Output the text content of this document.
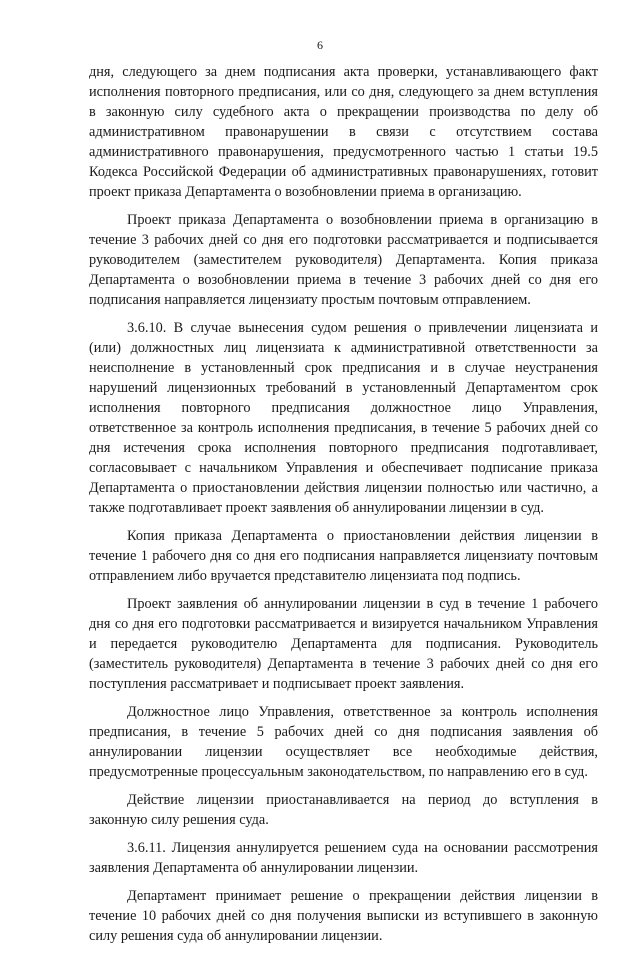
6

дня, следующего за днем подписания акта проверки, устанавливающего факт исполнения повторного предписания, или со дня, следующего за днем вступления в законную силу судебного акта о прекращении производства по делу об административном правонарушении в связи с отсутствием состава административного правонарушения, предусмотренного частью 1 статьи 19.5 Кодекса Российской Федерации об административных правонарушениях, готовит проект приказа Департамента о возобновлении приема в организацию.

Проект приказа Департамента о возобновлении приема в организацию в течение 3 рабочих дней со дня его подготовки рассматривается и подписывается руководителем (заместителем руководителя) Департамента. Копия приказа Департамента о возобновлении приема в течение 3 рабочих дней со дня его подписания направляется лицензиату простым почтовым отправлением.

3.6.10. В случае вынесения судом решения о привлечении лицензиата и (или) должностных лиц лицензиата к административной ответственности за неисполнение в установленный срок предписания и в случае неустранения нарушений лицензионных требований в установленный Департаментом срок исполнения повторного предписания должностное лицо Управления, ответственное за контроль исполнения предписания, в течение 5 рабочих дней со дня истечения срока исполнения повторного предписания подготавливает, согласовывает с начальником Управления и обеспечивает подписание приказа Департамента о приостановлении действия лицензии полностью или частично, а также подготавливает проект заявления об аннулировании лицензии в суд.

Копия приказа Департамента о приостановлении действия лицензии в течение 1 рабочего дня со дня его подписания направляется лицензиату почтовым отправлением либо вручается представителю лицензиата под подпись.

Проект заявления об аннулировании лицензии в суд в течение 1 рабочего дня со дня его подготовки рассматривается и визируется начальником Управления и передается руководителю Департамента для подписания. Руководитель (заместитель руководителя) Департамента в течение 3 рабочих дней со дня его поступления рассматривает и подписывает проект заявления.

Должностное лицо Управления, ответственное за контроль исполнения предписания, в течение 5 рабочих дней со дня подписания заявления об аннулировании лицензии осуществляет все необходимые действия, предусмотренные процессуальным законодательством, по направлению его в суд.

Действие лицензии приостанавливается на период до вступления в законную силу решения суда.

3.6.11. Лицензия аннулируется решением суда на основании рассмотрения заявления Департамента об аннулировании лицензии.

Департамент принимает решение о прекращении действия лицензии в течение 10 рабочих дней со дня получения выписки из вступившего в законную силу решения суда об аннулировании лицензии.
